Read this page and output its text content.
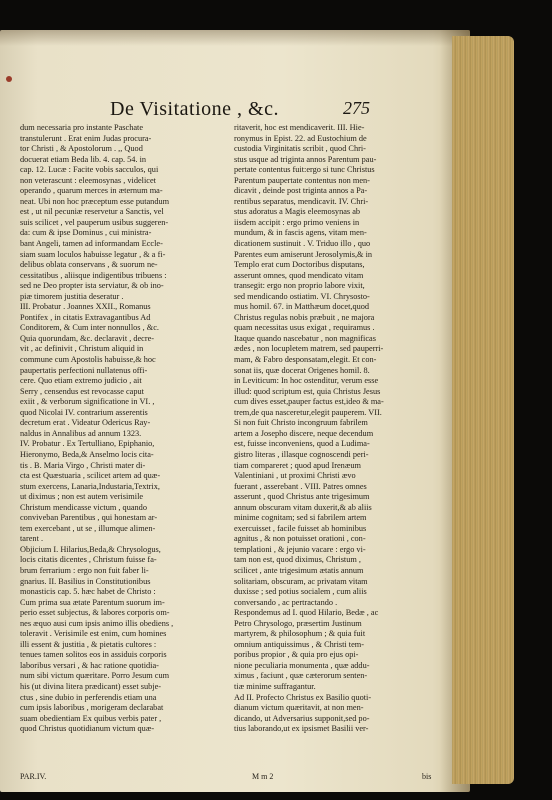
De Visitatione , &c.	275
dum necessaria pro instante Paschate
transtulerunt . Erat enim Judas procura-
tor Christi , & Apostolorum . ,, Quod
docuerat etiam Beda lib. 4. cap. 54. in
cap. 12. Lucæ : Facite vobis sacculos, qui
non veterascunt : eleemosynas , videlicet
operando , quarum merces in æternum ma-
neat. Ubi non hoc præceptum esse putandum
est , ut nil pecuniæ reservetur a Sanctis, vel
suis scilicet , vel pauperum usibus suggeren-
da: cum & ipse Dominus , cui ministra-
bant Angeli, tamen ad informandam Eccle-
siam suam loculos habuisse legatur , & a fi-
delibus oblata conservans , & suorum ne-
cessitatibus , aliisque indigentibus tribuens :
sed ne Deo propter ista serviatur, & ob ino-
piæ timorem justitia deseratur .
III. Probatur . Joannes XXII., Romanus
Pontifex , in citatis Extravagantibus Ad
Conditorem, & Cum inter nonnullos , &c.
Quia quorundam, &c. declaravit , decre-
vit , ac definivit , Christum aliquid in
commune cum Apostolis habuisse,& hoc
paupertatis perfectioni nullatenus offi-
cere. Quo etiam extremo judicio , ait
Serry , censendus est revocasse caput
exiit , & verborum significatione in VI. ,
quod Nicolai IV. contrarium asserentis
decretum erat . Videatur Odericus Ray-
naldus in Annalibus ad annum 1323.
IV. Probatur . Ex Tertulliano, Epiphanio,
Hieronymo, Beda,& Anselmo locis cita-
tis . B. Maria Virgo , Christi mater di-
cta est Quæstuaria , scilicet artem ad quæ-
stum exercens, Lanaria,Industaria,Textrix,
ut diximus ; non est autem verisimile
Christum mendicasse victum , quando
conviveban Parentibus , qui honestam ar-
tem exercebant , ut se , illumque alimen-
tarent .
Objicium I. Hilarius,Beda,& Chrysologus,
locis citatis dicentes , Christum fuisse fa-
brum ferrarium : ergo non fuit faber li-
gnarius. II. Basilius in Constitutionibus
monasticis cap. 5. hæc habet de Christo :
Cum prima sua ætate Parentum suorum im-
perio esset subjectus, & labores corporis om-
nes æquo ausi cum ipsis animo illis obediens ,
toleravit . Verisimile est enim, cum homines
illi essent & justitia , & pietatis cultores :
tenues tamen solitos eos in assiduis corporis
laboribus versari , & hac ratione quotidia-
num sibi victum quæritare. Porro Jesum cum
his (ut divina litera prædicant) esset subje-
ctus , sine dubio in perferendis etiam una
cum ipsis laboribus , morigeram declarabat
suam obedientiam Ex quibus verbis pater ,
quod Christus quotidianum victum quæ-
ritaverit, hoc est mendicaverit. III. Hie-
ronymus in Epist. 22. ad Eustochium de
custodia Virginitatis scribit , quod Chri-
stus usque ad triginta annos Parentum pau-
pertate contentus fuit:ergo si tunc Christus
Parentum paupertate contentus non men-
dicavit , deinde post triginta annos a Pa-
rentibus separatus, mendicavit. IV. Chri-
stus adoratus a Magis eleemosynas ab
iisdem accipit : ergo primo veniens in
mundum, & in fascis agens, vitam men-
dicationem sustinuit . V. Triduo illo , quo
Parentes eum amiserunt Jerosolymis,& in
Templo erat cum Doctoribus disputans,
asserunt omnes, quod mendicato vitam
transegit: ergo non proprio labore vixit,
sed mendicando ostiatim. VI. Chrysosto-
mus homil. 67. in Matthæum docet,quod
Christus regulas nobis præbuit , ne majora
quam necessitas usus exigat , requiramus .
Itaque quando nascebatur , non magnificas
ædes , non locupletem matrem, sed pauperri-
mam, & Fabro desponsatam,elegit. Et con-
sonat iis, quæ docerat Origenes homil. 8.
in Leviticum: In hoc ostenditur, verum esse
illud: quod scriptum est, quia Christus Jesus
cum dives esset,pauper factus est,ideo & ma-
trem,de qua nasceretur,elegit pauperem. VII.
Si non fuit Christo incongruum fabrilem
artem a Josepho discere, neque decendum
est, fuisse inconveniens, quod a Ludima-
gistro literas , illasque cognoscendi peri-
tiam compareret ; quod apud Irenæum
Valentiniani , ut proximi Christi ævo
fuerant , asserebant . VIII. Patres omnes
asserunt , quod Christus ante trigesimum
annum obscuram vitam duxerit,& ab aliis
minime cognitam; sed si fabrilem artem
exercuisset , facile fuisset ab hominibus
agnitus , & non potuisset orationi , con-
templationi , & jejunio vacare : ergo vi-
tam non est, quod diximus, Christum ,
scilicet , ante trigesimum ætatis annum
solitariam, obscuram, ac privatam vitam
duxisse ; sed potius socialem , cum aliis
conversando , ac pertractando .
Respondemus ad I. quod Hilario, Bedæ , ac
Petro Chrysologo, præsertim Justinum
martyrem, & philosophum ; & quia fuit
omnium antiquissimus , & Christi tem-
poribus propior , & quia pro ejus opi-
nione peculiaria monumenta , quæ addu-
ximus , faciunt , quæ cæterorum senten-
tiæ minime suffragantur.
Ad II. Profecto Christus ex Basilio quoti-
dianum victum quæritavit, at non men-
dicando, ut Adversarius supponit,sed po-
tius laborando,ut ex ipsismet Basilii ver-
PAR.IV.	M m 2	bis
